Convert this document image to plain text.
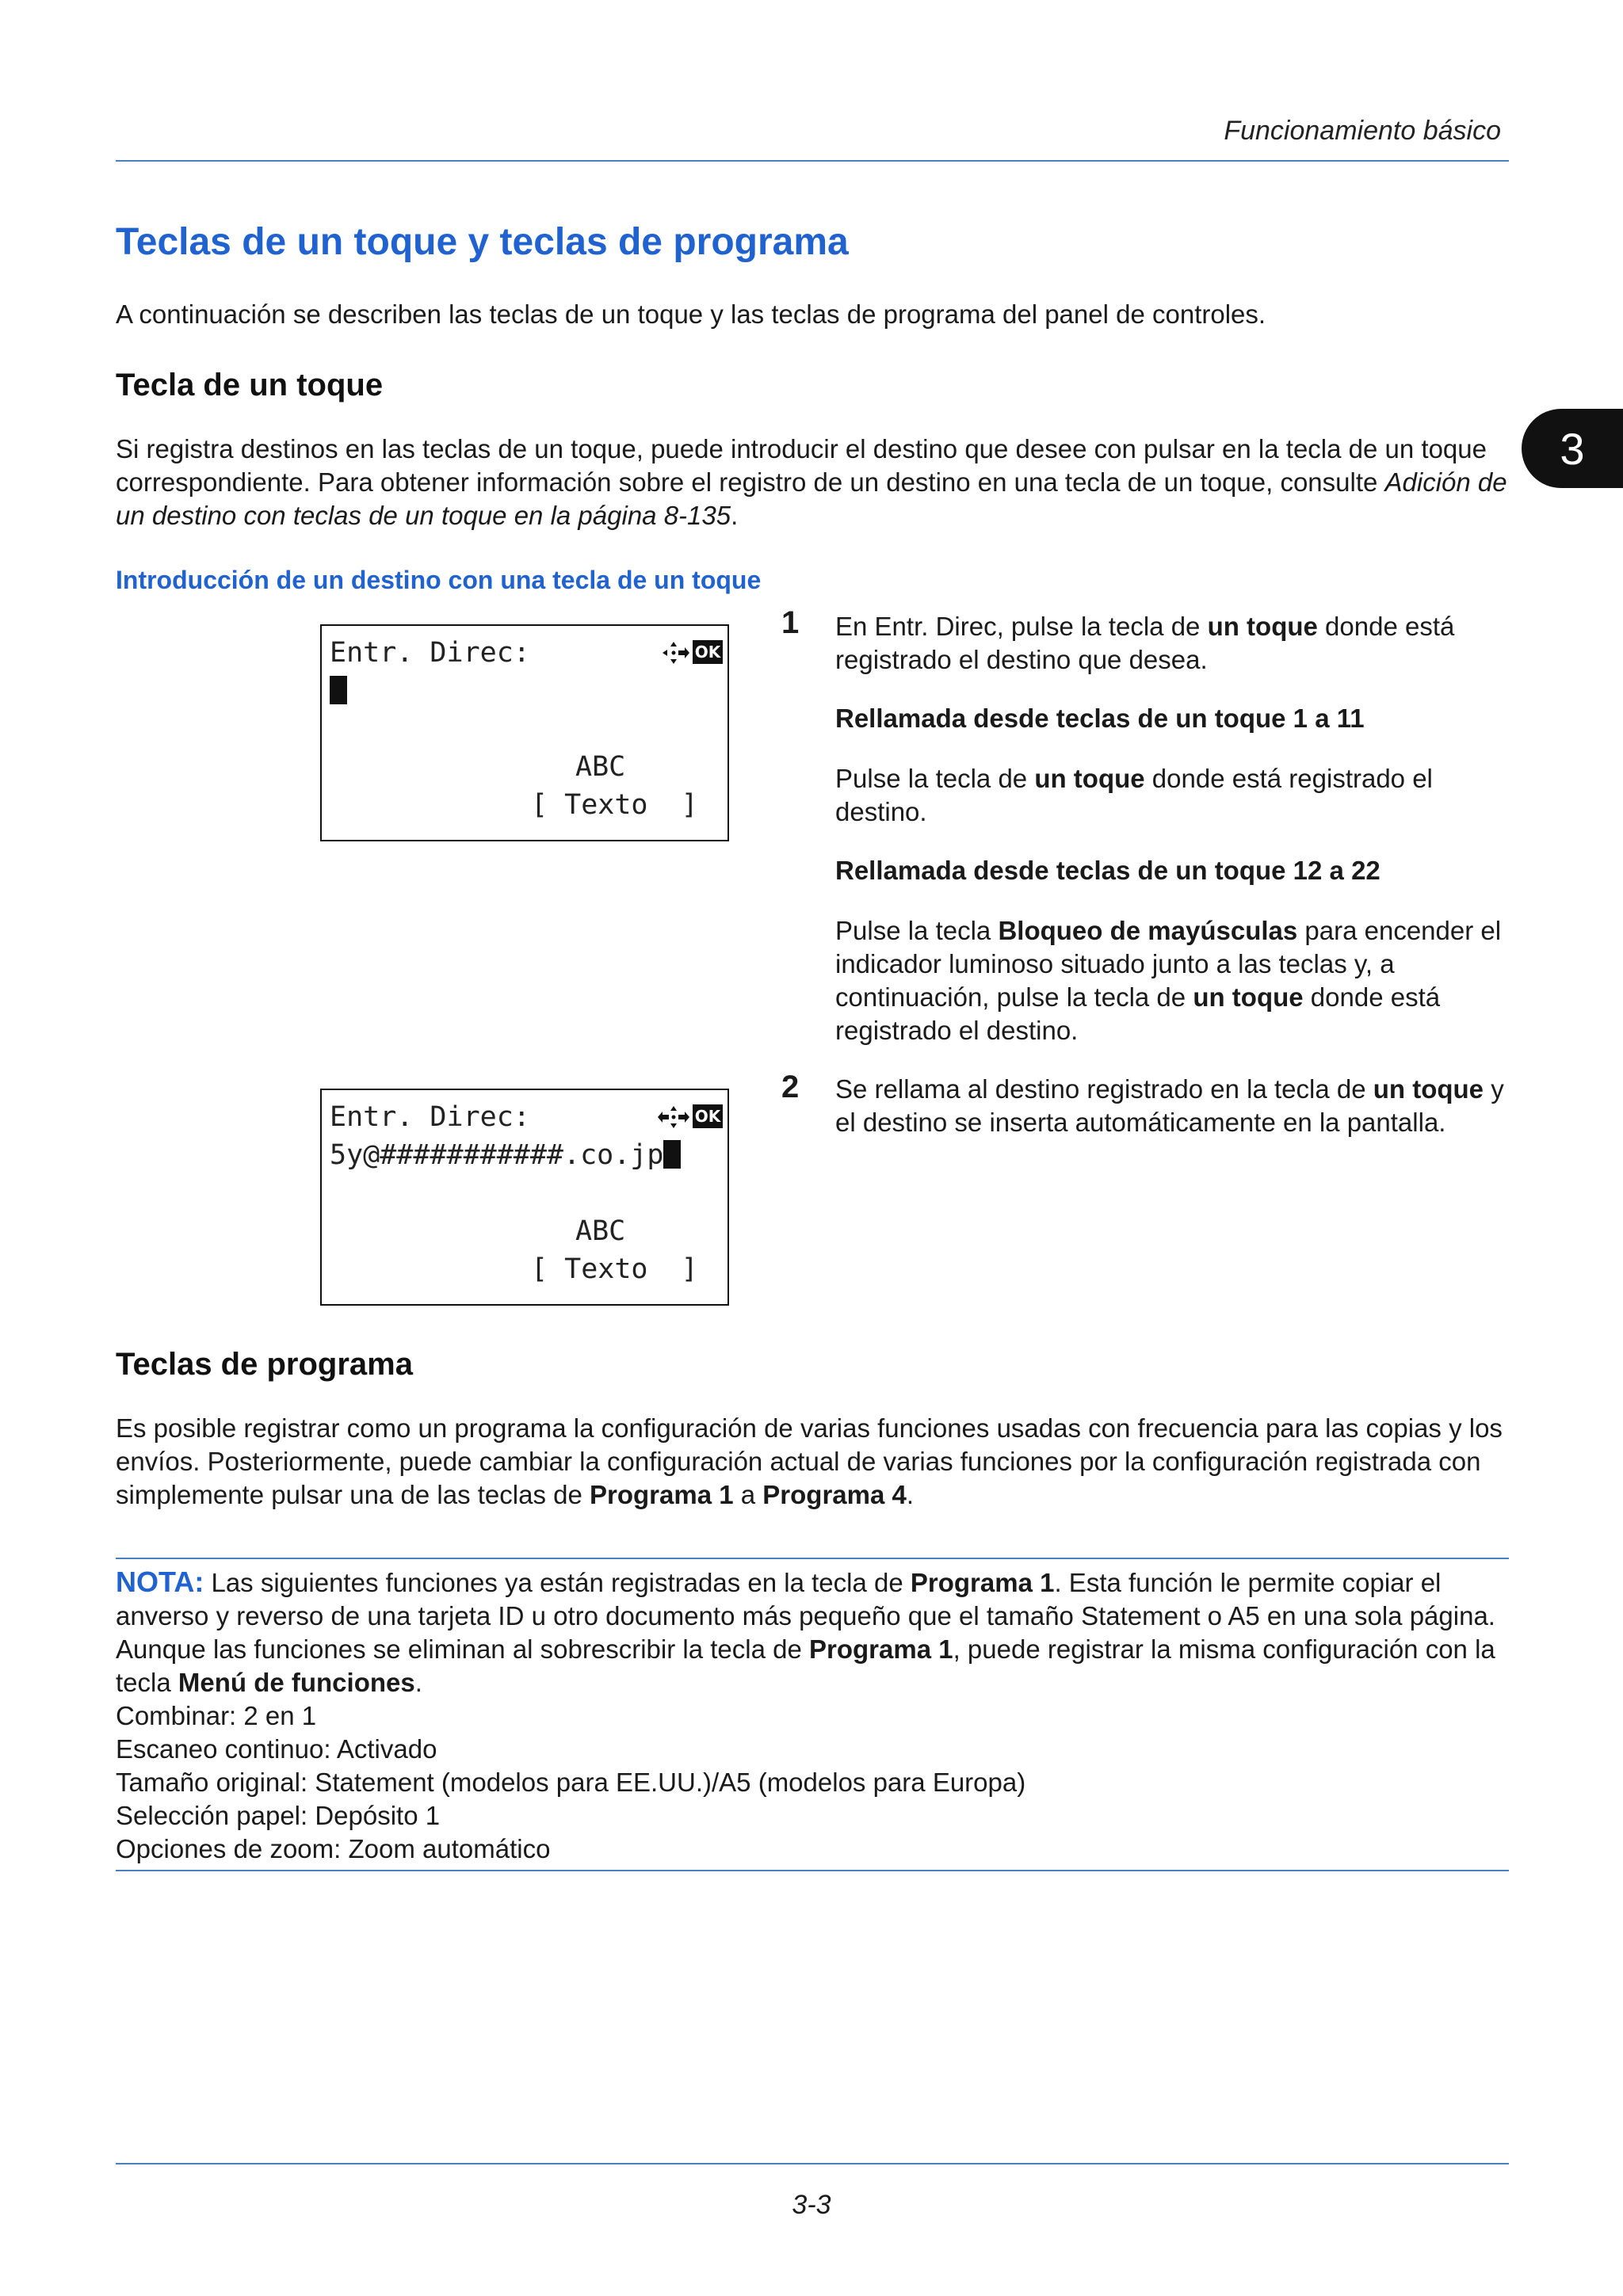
Funcionamiento básico
3
Teclas de un toque y teclas de programa
A continuación se describen las teclas de un toque y las teclas de programa del panel de controles.
Tecla de un toque
Si registra destinos en las teclas de un toque, puede introducir el destino que desee con pulsar en la tecla de un toque correspondiente. Para obtener información sobre el registro de un destino en una tecla de un toque, consulte Adición de un destino con teclas de un toque en la página 8-135.
Introducción de un destino con una tecla de un toque
Entr. Direc:	OK
ABC
[ Texto  ]
1 En Entr. Direc, pulse la tecla de un toque donde está registrado el destino que desea.
Rellamada desde teclas de un toque 1 a 11
Pulse la tecla de un toque donde está registrado el destino.
Rellamada desde teclas de un toque 12 a 22
Pulse la tecla Bloqueo de mayúsculas para encender el indicador luminoso situado junto a las teclas y, a continuación, pulse la tecla de un toque donde está registrado el destino.
Entr. Direc:	OK
5y@###########.co.jp
ABC
[ Texto  ]
2 Se rellama al destino registrado en la tecla de un toque y el destino se inserta automáticamente en la pantalla.
Teclas de programa
Es posible registrar como un programa la configuración de varias funciones usadas con frecuencia para las copias y los envíos. Posteriormente, puede cambiar la configuración actual de varias funciones por la configuración registrada con simplemente pulsar una de las teclas de Programa 1 a Programa 4.
NOTA: Las siguientes funciones ya están registradas en la tecla de Programa 1. Esta función le permite copiar el anverso y reverso de una tarjeta ID u otro documento más pequeño que el tamaño Statement o A5 en una sola página. Aunque las funciones se eliminan al sobrescribir la tecla de Programa 1, puede registrar la misma configuración con la tecla Menú de funciones.
Combinar: 2 en 1
Escaneo continuo: Activado
Tamaño original: Statement (modelos para EE.UU.)/A5 (modelos para Europa)
Selección papel: Depósito 1
Opciones de zoom: Zoom automático
3-3
